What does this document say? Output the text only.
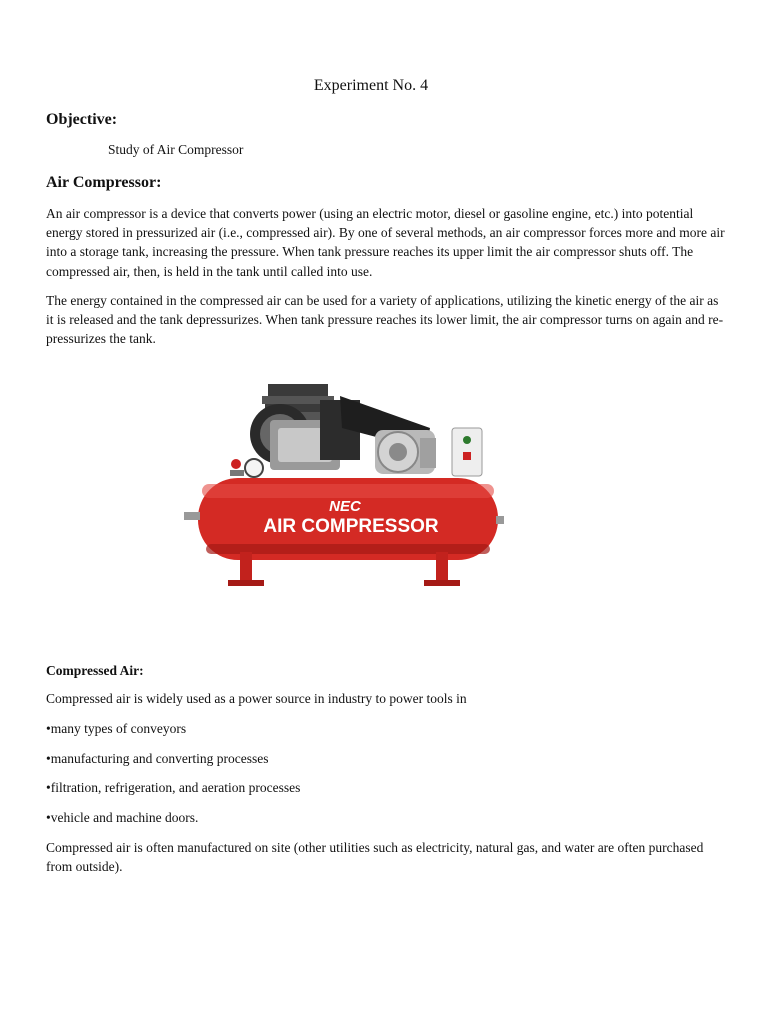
Experiment No. 4
Objective:
Study of Air Compressor
Air Compressor:

An air compressor is a device that converts power (using an electric motor, diesel or gasoline engine, etc.) into potential energy stored in pressurized air (i.e., compressed air). By one of several methods, an air compressor forces more and more air into a storage tank, increasing the pressure. When tank pressure reaches its upper limit the air compressor shuts off. The compressed air, then, is held in the tank until called into use.

The energy contained in the compressed air can be used for a variety of applications, utilizing the kinetic energy of the air as it is released and the tank depressurizes. When tank pressure reaches its lower limit, the air compressor turns on again and re-pressurizes the tank.

NEC
AIR COMPRESSOR
Compressed Air:
Compressed air is widely used as a power source in industry to power tools in
•many types of conveyors
•manufacturing and converting processes
•filtration, refrigeration, and aeration processes
•vehicle and machine doors.

Compressed air is often manufactured on site (other utilities such as electricity, natural gas, and water are often purchased from outside).
